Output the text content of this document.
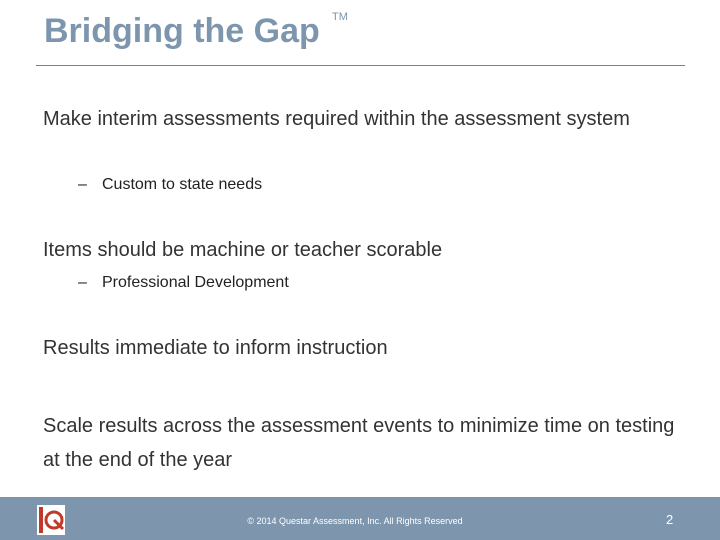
Bridging the Gap TM
Make interim assessments required within the assessment system
– Custom to state needs
Items should be machine or teacher scorable
– Professional Development
Results immediate to inform instruction
Scale results across the assessment events to minimize time on testing at the end of the year
© 2014 Questar Assessment, Inc. All Rights Reserved	2
